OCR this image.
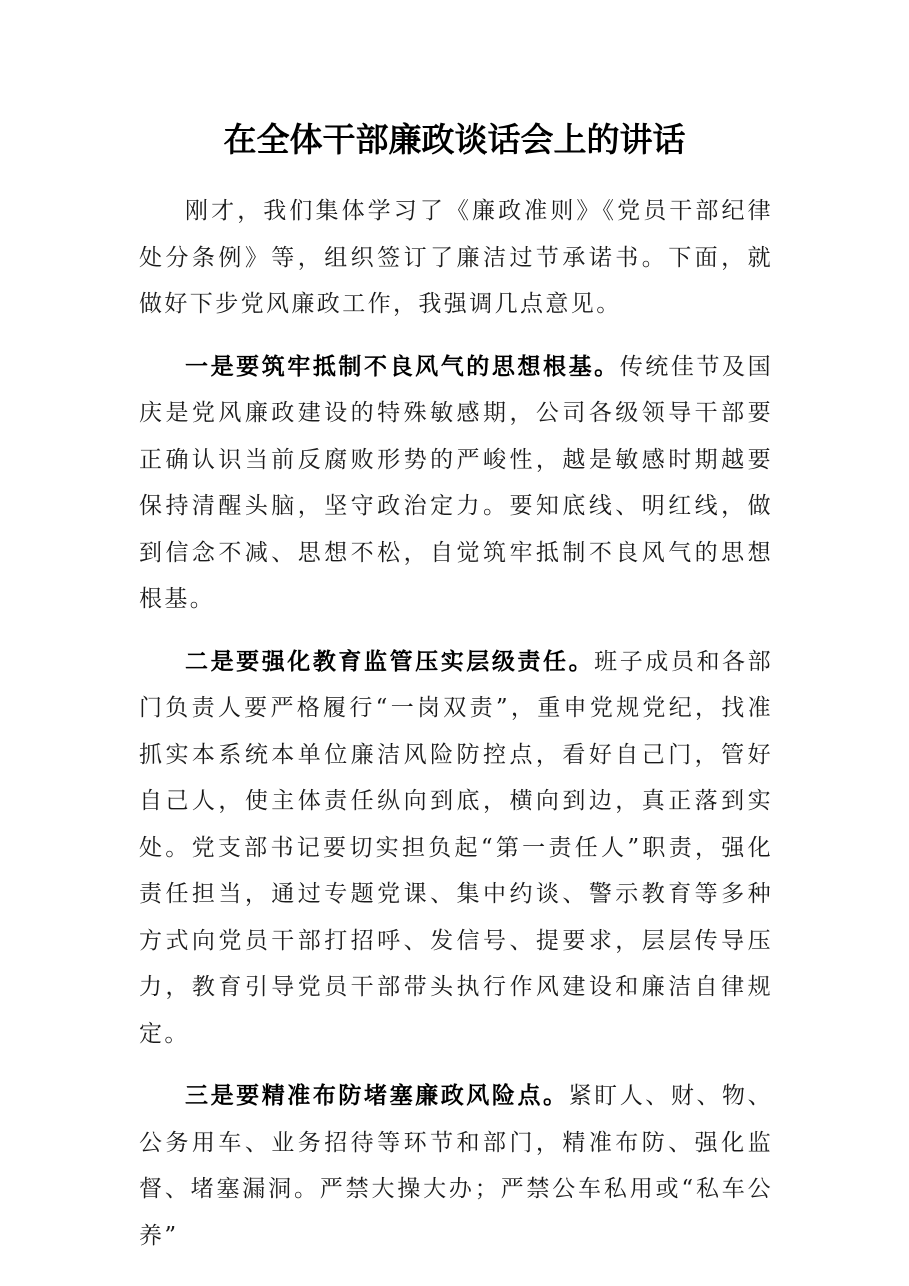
在全体干部廉政谈话会上的讲话

刚才，我们集体学习了《廉政准则》《党员干部纪律处分条例》等，组织签订了廉洁过节承诺书。下面，就做好下步党风廉政工作，我强调几点意见。

一是要筑牢抵制不良风气的思想根基。传统佳节及国庆是党风廉政建设的特殊敏感期，公司各级领导干部要正确认识当前反腐败形势的严峻性，越是敏感时期越要保持清醒头脑，坚守政治定力。要知底线、明红线，做到信念不减、思想不松，自觉筑牢抵制不良风气的思想根基。

二是要强化教育监管压实层级责任。班子成员和各部门负责人要严格履行“一岗双责”，重申党规党纪，找准抓实本系统本单位廉洁风险防控点，看好自己门，管好自己人，使主体责任纵向到底，横向到边，真正落到实处。党支部书记要切实担负起“第一责任人”职责，强化责任担当，通过专题党课、集中约谈、警示教育等多种方式向党员干部打招呼、发信号、提要求，层层传导压力，教育引导党员干部带头执行作风建设和廉洁自律规定。

三是要精准布防堵塞廉政风险点。紧盯人、财、物、公务用车、业务招待等环节和部门，精准布防、强化监督、堵塞漏洞。严禁大操大办；严禁公车私用或“私车公养”
